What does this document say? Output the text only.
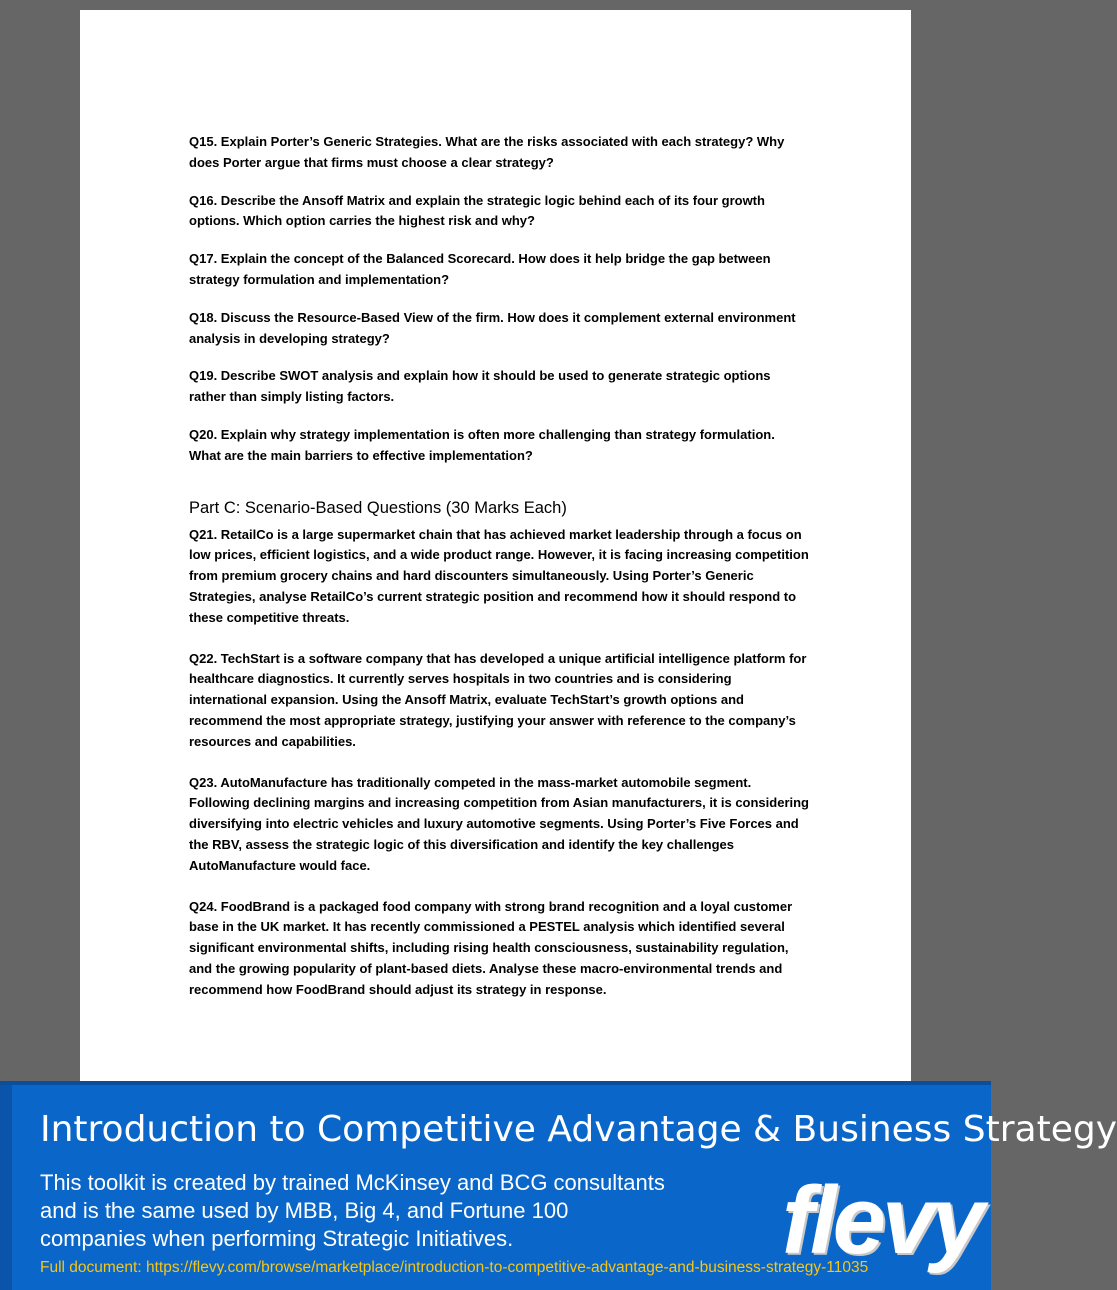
Q15. Explain Porter’s Generic Strategies. What are the risks associated with each strategy? Why does Porter argue that firms must choose a clear strategy?

Q16. Describe the Ansoff Matrix and explain the strategic logic behind each of its four growth options. Which option carries the highest risk and why?

Q17. Explain the concept of the Balanced Scorecard. How does it help bridge the gap between strategy formulation and implementation?

Q18. Discuss the Resource-Based View of the firm. How does it complement external environment analysis in developing strategy?

Q19. Describe SWOT analysis and explain how it should be used to generate strategic options rather than simply listing factors.

Q20. Explain why strategy implementation is often more challenging than strategy formulation. What are the main barriers to effective implementation?

Part C: Scenario-Based Questions (30 Marks Each)

Q21. RetailCo is a large supermarket chain that has achieved market leadership through a focus on low prices, efficient logistics, and a wide product range. However, it is facing increasing competition from premium grocery chains and hard discounters simultaneously. Using Porter’s Generic Strategies, analyse RetailCo’s current strategic position and recommend how it should respond to these competitive threats.

Q22. TechStart is a software company that has developed a unique artificial intelligence platform for healthcare diagnostics. It currently serves hospitals in two countries and is considering international expansion. Using the Ansoff Matrix, evaluate TechStart’s growth options and recommend the most appropriate strategy, justifying your answer with reference to the company’s resources and capabilities.

Q23. AutoManufacture has traditionally competed in the mass-market automobile segment. Following declining margins and increasing competition from Asian manufacturers, it is considering diversifying into electric vehicles and luxury automotive segments. Using Porter’s Five Forces and the RBV, assess the strategic logic of this diversification and identify the key challenges AutoManufacture would face.

Q24. FoodBrand is a packaged food company with strong brand recognition and a loyal customer base in the UK market. It has recently commissioned a PESTEL analysis which identified several significant environmental shifts, including rising health consciousness, sustainability regulation, and the growing popularity of plant-based diets. Analyse these macro-environmental trends and recommend how FoodBrand should adjust its strategy in response.

Introduction to Competitive Advantage & Business Strategy

This toolkit is created by trained McKinsey and BCG consultants and is the same used by MBB, Big 4, and Fortune 100 companies when performing Strategic Initiatives.

Full document: https://flevy.com/browse/marketplace/introduction-to-competitive-advantage-and-business-strategy-11035
flevy
